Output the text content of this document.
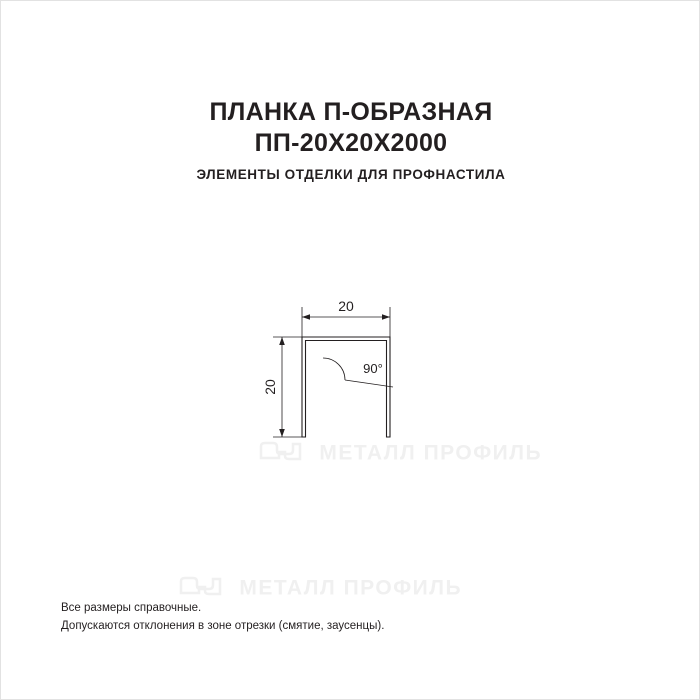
ПЛАНКА П-ОБРАЗНАЯ
ПП-20Х20Х2000
ЭЛЕМЕНТЫ ОТДЕЛКИ ДЛЯ ПРОФНАСТИЛА
МЕТАЛЛ ПРОФИЛЬ
МЕТАЛЛ ПРОФИЛЬ
20
20
90°
Все размеры справочные.
Допускаются отклонения в зоне отрезки (смятие, заусенцы).
